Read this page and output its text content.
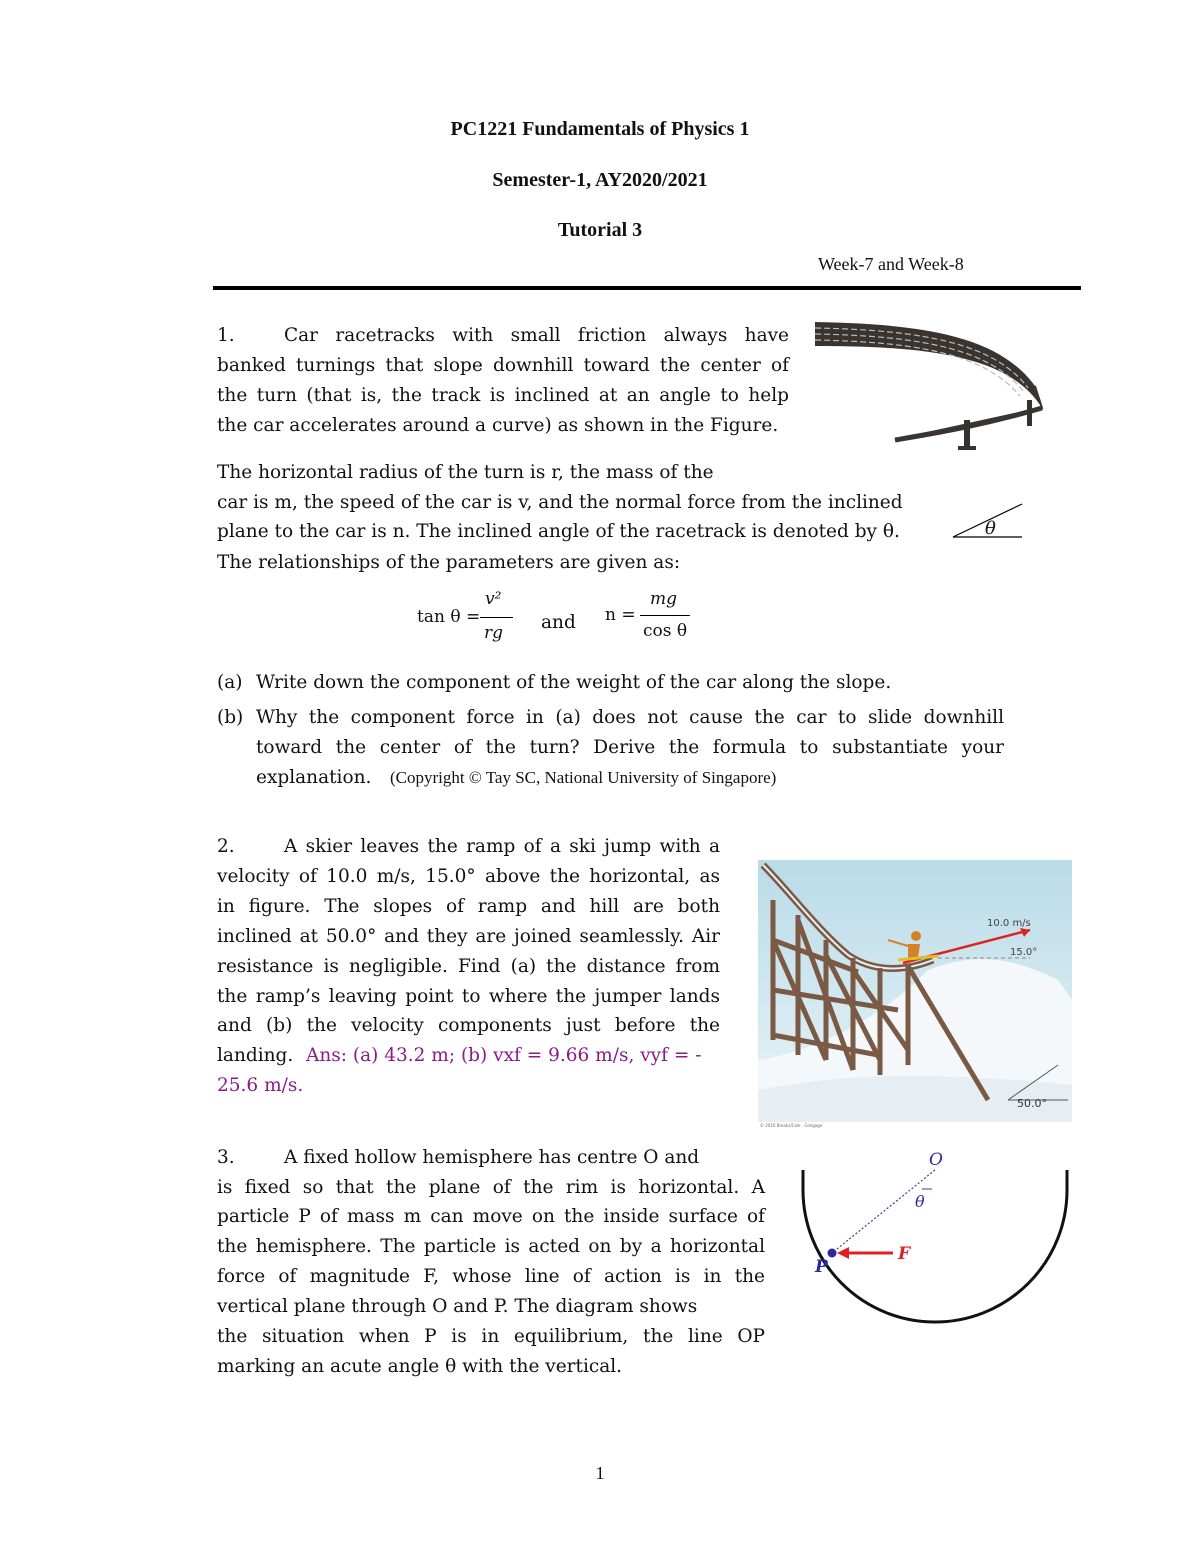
PC1221 Fundamentals of Physics 1
Semester-1, AY2020/2021
Tutorial 3
Week-7 and Week-8
1.	Car racetracks with small friction always have
banked turnings that slope downhill toward the center of
the turn (that is, the track is inclined at an angle to help
the car accelerates around a curve) as shown in the Figure.
The horizontal radius of the turn is r, the mass of the
car is m, the speed of the car is v, and the normal force from the inclined
plane to the car is n. The inclined angle of the racetrack is denoted by θ.
The relationships of the parameters are given as:
θ
tan θ =
v²
rg and n =
mg
cos θ
(a) Write down the component of the weight of the car along the slope.
(b) Why the component force in (a) does not cause the car to slide downhill
toward the center of the turn? Derive the formula to substantiate your
explanation. (Copyright © Tay SC, National University of Singapore)
2.	A skier leaves the ramp of a ski jump with a
velocity of 10.0 m/s, 15.0° above the horizontal, as
in figure. The slopes of ramp and hill are both
inclined at 50.0° and they are joined seamlessly. Air
resistance is negligible. Find (a) the distance from
the ramp’s leaving point to where the jumper lands
and (b) the velocity components just before the
landing. Ans: (a) 43.2 m; (b) vxf = 9.66 m/s, vyf = -
25.6 m/s.
10.0 m/s
15.0°
50.0°
© 2010 Brooks/Cole - Cengage
3.	A fixed hollow hemisphere has centre O and
is fixed so that the plane of the rim is horizontal. A
particle P of mass m can move on the inside surface of
the hemisphere. The particle is acted on by a horizontal
force of magnitude F, whose line of action is in the
vertical plane through O and P. The diagram shows
the situation when P is in equilibrium, the line OP
marking an acute angle θ with the vertical.
O
θ
P
F
1
